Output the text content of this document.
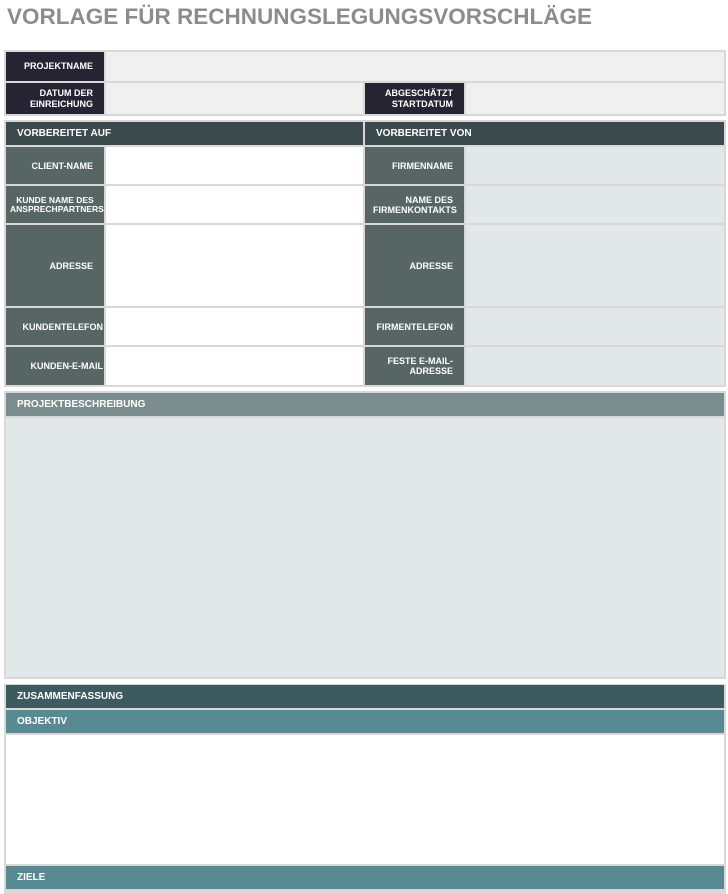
VORLAGE FÜR RECHNUNGSLEGUNGSVORSCHLÄGE
PROJEKTNAME
DATUM DER EINREICHUNG
ABGESCHÄTZT STARTDATUM
VORBEREITET AUF	VORBEREITET VON
CLIENT-NAME
KUNDE NAME DES ANSPRECHPARTNERS
ADRESSE
KUNDENTELEFON
KUNDEN-E-MAIL
FIRMENNAME
NAME DES FIRMENKONTAKTS
ADRESSE
FIRMENTELEFON
FESTE E-MAIL-ADRESSE
PROJEKTBESCHREIBUNG
ZUSAMMENFASSUNG
OBJEKTIV
ZIELE
